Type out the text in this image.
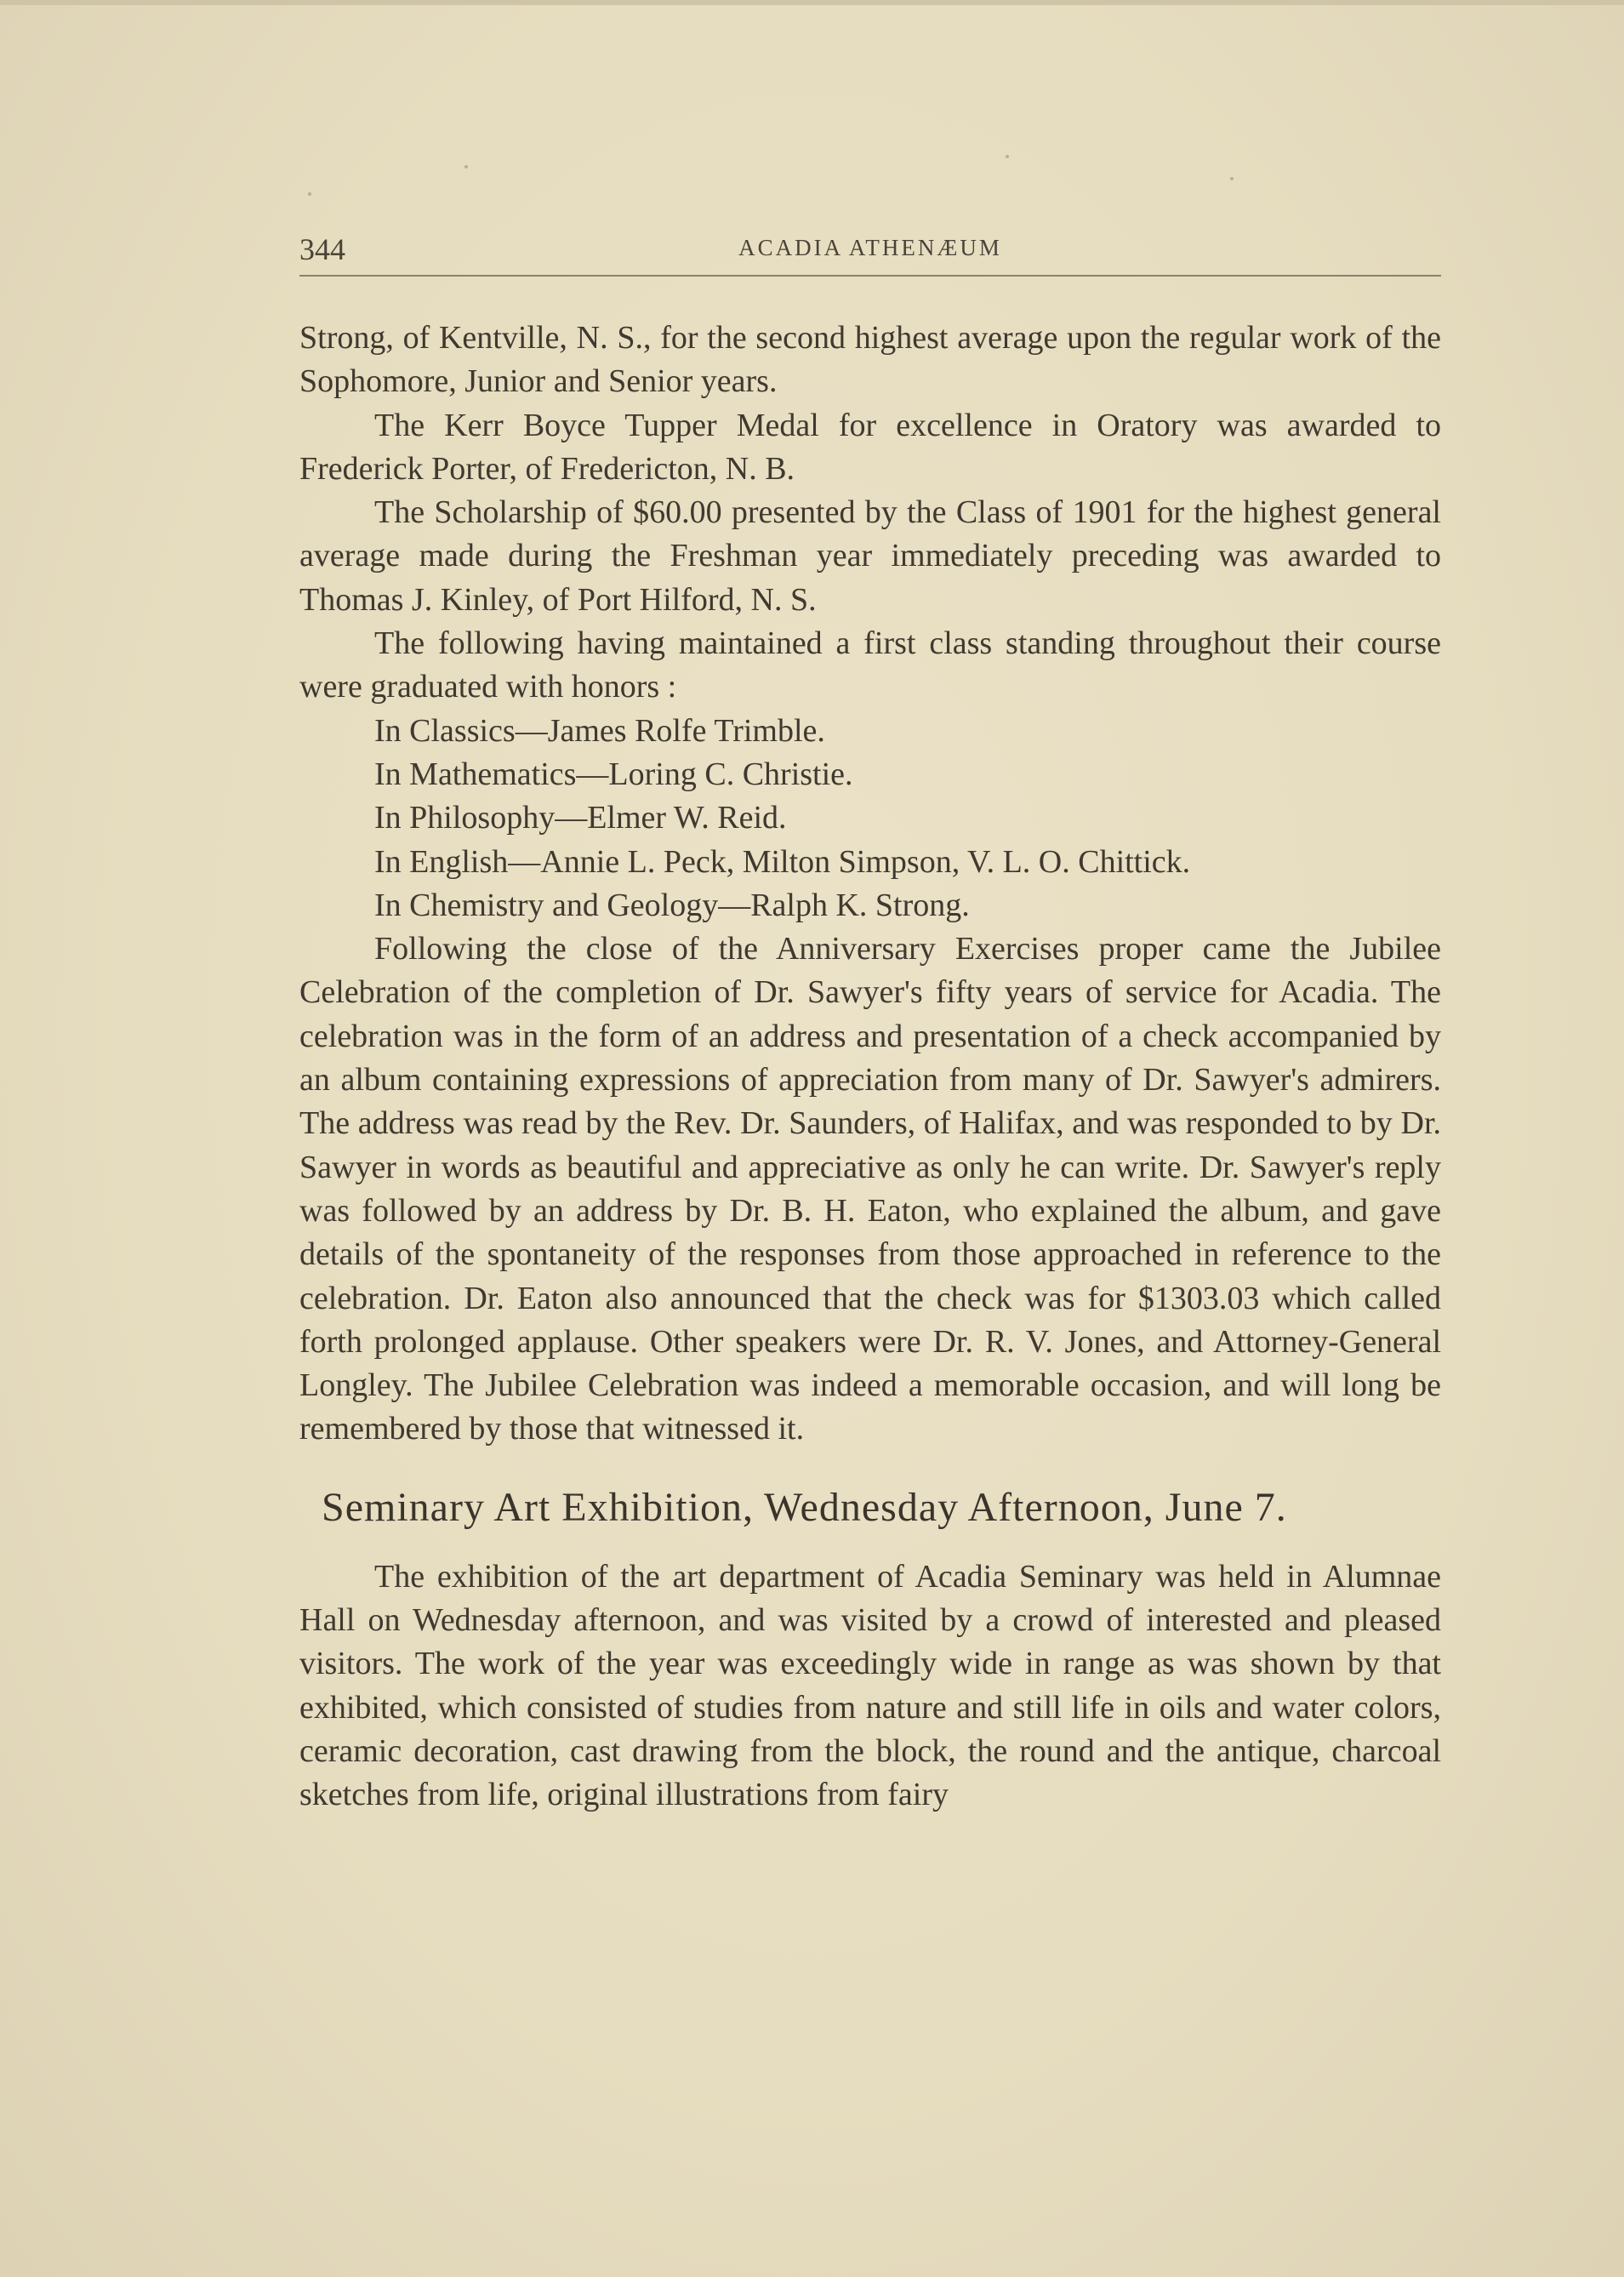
344	ACADIA ATHENÆUM

Strong, of Kentville, N. S., for the second highest average upon the regular work of the Sophomore, Junior and Senior years.

The Kerr Boyce Tupper Medal for excellence in Oratory was awarded to Frederick Porter, of Fredericton, N. B.

The Scholarship of $60.00 presented by the Class of 1901 for the highest general average made during the Freshman year immediately preceding was awarded to Thomas J. Kinley, of Port Hilford, N. S.

The following having maintained a first class standing throughout their course were graduated with honors :

In Classics—James Rolfe Trimble.

In Mathematics—Loring C. Christie.

In Philosophy—Elmer W. Reid.

In English—Annie L. Peck, Milton Simpson, V. L. O. Chittick.

In Chemistry and Geology—Ralph K. Strong.

Following the close of the Anniversary Exercises proper came the Jubilee Celebration of the completion of Dr. Sawyer's fifty years of service for Acadia. The celebration was in the form of an address and presentation of a check accompanied by an album containing expressions of appreciation from many of Dr. Sawyer's admirers. The address was read by the Rev. Dr. Saunders, of Halifax, and was responded to by Dr. Sawyer in words as beautiful and appreciative as only he can write. Dr. Sawyer's reply was followed by an address by Dr. B. H. Eaton, who explained the album, and gave details of the spontaneity of the responses from those approached in reference to the celebration. Dr. Eaton also announced that the check was for $1303.03 which called forth prolonged applause. Other speakers were Dr. R. V. Jones, and Attorney-General Longley. The Jubilee Celebration was indeed a memorable occasion, and will long be remembered by those that witnessed it.

Seminary Art Exhibition, Wednesday Afternoon, June 7.

The exhibition of the art department of Acadia Seminary was held in Alumnae Hall on Wednesday afternoon, and was visited by a crowd of interested and pleased visitors. The work of the year was exceedingly wide in range as was shown by that exhibited, which consisted of studies from nature and still life in oils and water colors, ceramic decoration, cast drawing from the block, the round and the antique, charcoal sketches from life, original illustrations from fairy
